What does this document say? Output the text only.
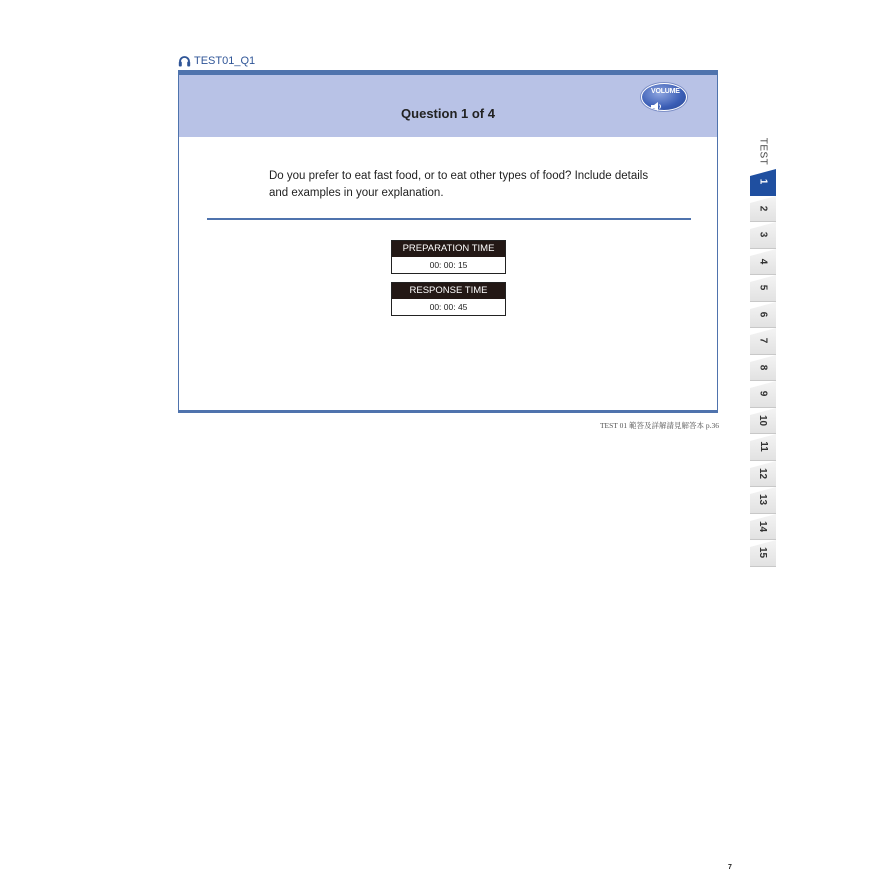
TEST01_Q1
Question 1 of 4
VOLUME
Do you prefer to eat fast food, or to eat other types of food? Include details and examples in your explanation.
PREPARATION TIME
00: 00: 15
RESPONSE TIME
00: 00: 45
TEST 01 範答及詳解請見解答本 p.36
7
TEST
1
2
3
4
5
6
7
8
9
10
11
12
13
14
15
